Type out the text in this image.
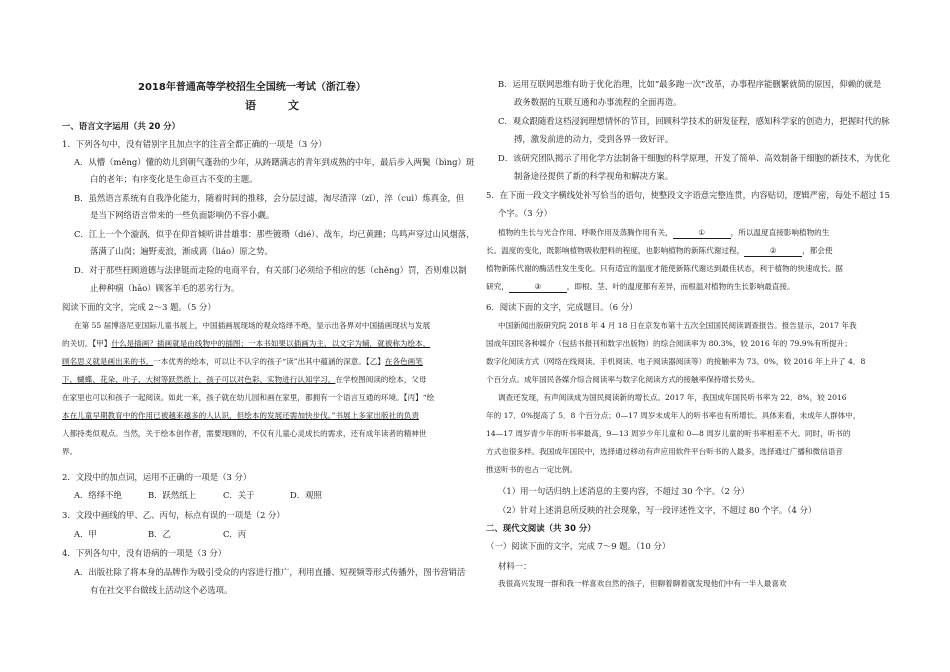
2018年普通高等学校招生全国统一考试（浙江卷）
语 文
一、语言文字运用（共 20 分）
1．下列各句中，没有错别字且加点字的注音全都正确的一项是（3 分）
A．从懵（měng）懂的幼儿到朝气蓬勃的少年，从踌躇满志的青年到成熟的中年，最后步入两鬓（bìng）斑
白的老年；有序变化是生命亘古不变的主题。
B．虽然语言系统有自我净化能力，随着时间的推移，会分层过滤，淘尽渣滓（zǐ），淬（cuì）炼真金，但
是当下网络语言带来的一些负面影响仍不容小觑。
C．江上一个个漩涡，似乎在仰首倾听讲昔雄事：那些镀瓒（dié）、战车，均已黄踵；鸟鸣声穿过山风烟落，
落满了山岗；遍野麦浪，渐成离（liáo）原之势。
D．对于那些枉顾道德与法律铤而走险的电商平台，有关部门必须给予相应的惩（chěng）罚，否则难以制
止种种痼（hāo）顾客羊毛的恶劣行为。
阅读下面的文字，完成 2～3 题。（5 分）
在第 55 届博洛尼亚国际儿童书展上，中国插画展现场的观众络绎不绝，显示出各界对中国插画现状与发展
的关切。【甲】什么是插画？插画就是由线物中的插图；一本书如果以插画为主，以文字为辅，就被称为绘本，
顾名思义就是画出来的书。一本优秀的绘本，可以让不认字的孩子“读”出其中蕴涵的深意。【乙】在各色画笔
下，蝴蝶、花朵、叶子、大树等跃然纸上，孩子可以对色彩、实物进行认知学习。在学校图阅读的绘本，父母
在家里也可以和孩子一起阅读。如此一来，孩子就在幼儿园和画在家里，都拥有一个语言互通的环境。【丙】“绘
本在儿童早期教育中的作用已被越来越多的人认识，但绘本的发展还需加快步伐。”书展上多家出版社的负责
人都持类似观点。当然，关于绘本创作者，需要现顾的，不仅有儿童心灵成长的需求，还有成年读者的精神世
界。
2．文段中的加点词，运用不正确的一项是（3 分）
A．络绎不绝	B．跃然纸上	C．关于	D．观照
3．文段中画线的甲、乙、丙句，标点有误的一项是（2 分）
A．甲	B．乙	C．丙
4．下列各句中，没有语病的一项是（3 分）
A．出版社除了将本身的品牌作为吸引受众的内容进行推广，利用直播、短视频等形式传播外，图书营销活
有在社交平台做线上活动这个必选项。
B．运用互联网思维有助于优化治理，比如“最多跑一次”改革，办事程序能删繁就简的原因，仰赖的就是
政务数据的互联互通和办事流程的全面再造。
C．观众跟随看这档浸润理想情怀的节目，回顾科学技术的研发征程，感知科学家的创造力，把握时代的脉
搏，激发前进的动力，受到各界一致好评。
D．该研究团队揭示了用化学方法制备干细胞的科学原理，开发了简单、高效制备干细胞的新技术，为优化
制备途径提供了新的科学视角和解决方案。
5．在下面一段文字横线处补写恰当的语句，使整段文字语意完整连贯，内容贴切，逻辑严密，每处不超过 15
个字。（3 分）
植物的生长与光合作用、呼吸作用及蒸腾作用有关，	①	，所以温度直接影响植物的生
长。温度的变化，既影响植物吸收肥料的程度，也影响植物的新陈代谢过程，	②	，都会使
植物新陈代谢的酶活性发生变化。只有适宜的温度才能使新陈代谢达到最佳状态，利于植物的快速成长。据
研究，	③	，即根、茎、叶的温度都有差异，而根温对植物的生长影响最直接。
6．阅读下面的文字，完成题目。（6 分）
中国新闻出版研究院 2018 年 4 月 18 日在京发布第十五次全国国民阅读调查报告。报告显示，2017 年我
国成年国民各种媒介（包括书报刊和数字出版物）的综合阅读率为 80.3%，较 2016 年的 79.9%有所提升；
数字化阅读方式（网络在线阅读、手机阅读、电子阅读器阅读等）的接触率为 73。0%，较 2016 年上升了 4．8
个百分点。成年国民各媒介综合阅读率与数字化阅读方式的接触率保持增长势头。
调查还发现，有声阅读成为国民阅读新的增长点。2017 年，我国成年国民听书率为 22．8%，较 2016
年的 17．0%提高了 5．8 个百分点；0—17 周岁未成年人的听书率也有所增长。具体来看，未成年人群体中，
14—17 周岁青少年的听书率最高，9—13 周岁少年儿童和 0—8 周岁儿童的听书率相差不大。同时，听书的
方式也很多样。我国成年国民中，选择通过移动有声应用软件平台听书的人最多，选择通过广播和微信语音
推送听书的也占一定比例。
（1）用一句话归纳上述消息的主要内容，不超过 30 个字。（2 分）
（2）针对上述消息所反映的社会现象，写一段评述性文字，不超过 80 个字。（4 分）
二、现代文阅读（共 30 分）
（一）阅读下面的文字，完成 7～9 题。（10 分）
材料一：
我很高兴发现一群和我一样喜欢自然的孩子，但聊着聊着就发现他们中有一半人最喜欢
